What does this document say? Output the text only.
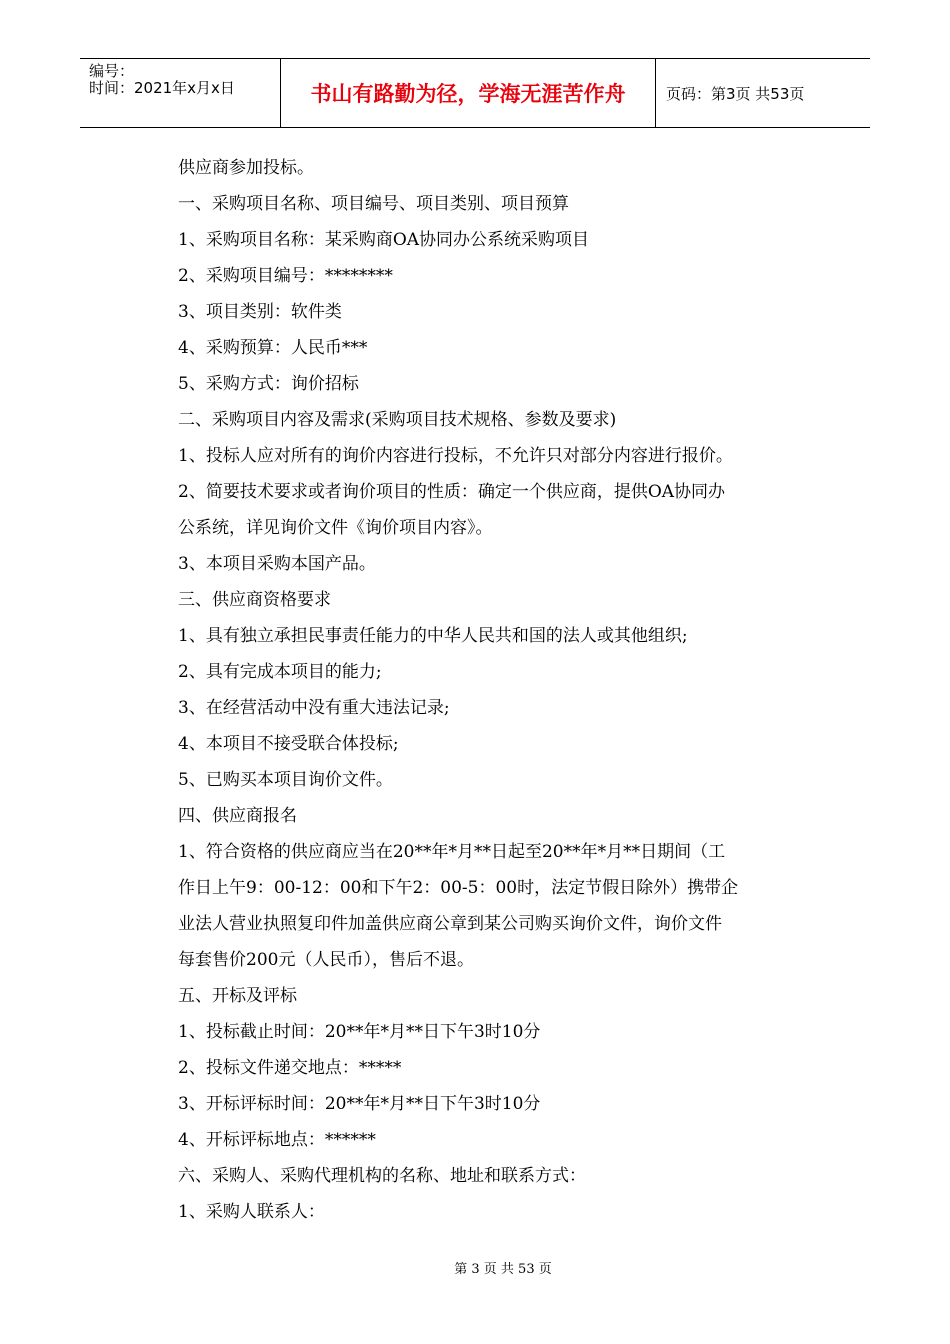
编号：
时间：2021年x月x日	书山有路勤为径，学海无涯苦作舟	页码：第3页 共53页

供应商参加投标。

一、采购项目名称、项目编号、项目类别、项目预算

1、采购项目名称：某采购商OA协同办公系统采购项目

2、采购项目编号：********

3、项目类别：软件类

4、采购预算：人民币***

5、采购方式：询价招标

二、采购项目内容及需求(采购项目技术规格、参数及要求)

1、投标人应对所有的询价内容进行投标，不允许只对部分内容进行报价。

2、简要技术要求或者询价项目的性质：确定一个供应商，提供OA协同办

公系统，详见询价文件《询价项目内容》。

3、本项目采购本国产品。

三、供应商资格要求

1、具有独立承担民事责任能力的中华人民共和国的法人或其他组织;

2、具有完成本项目的能力;

3、在经营活动中没有重大违法记录;

4、本项目不接受联合体投标;

5、已购买本项目询价文件。

四、供应商报名

1、符合资格的供应商应当在20**年*月**日起至20**年*月**日期间（工

作日上午9：00-12：00和下午2：00-5：00时，法定节假日除外）携带企

业法人营业执照复印件加盖供应商公章到某公司购买询价文件，询价文件

每套售价200元（人民币），售后不退。

五、开标及评标

1、投标截止时间：20**年*月**日下午3时10分

2、投标文件递交地点：*****

3、开标评标时间：20**年*月**日下午3时10分

4、开标评标地点：******

六、采购人、采购代理机构的名称、地址和联系方式：

1、采购人联系人：

第 3 页 共 53 页
